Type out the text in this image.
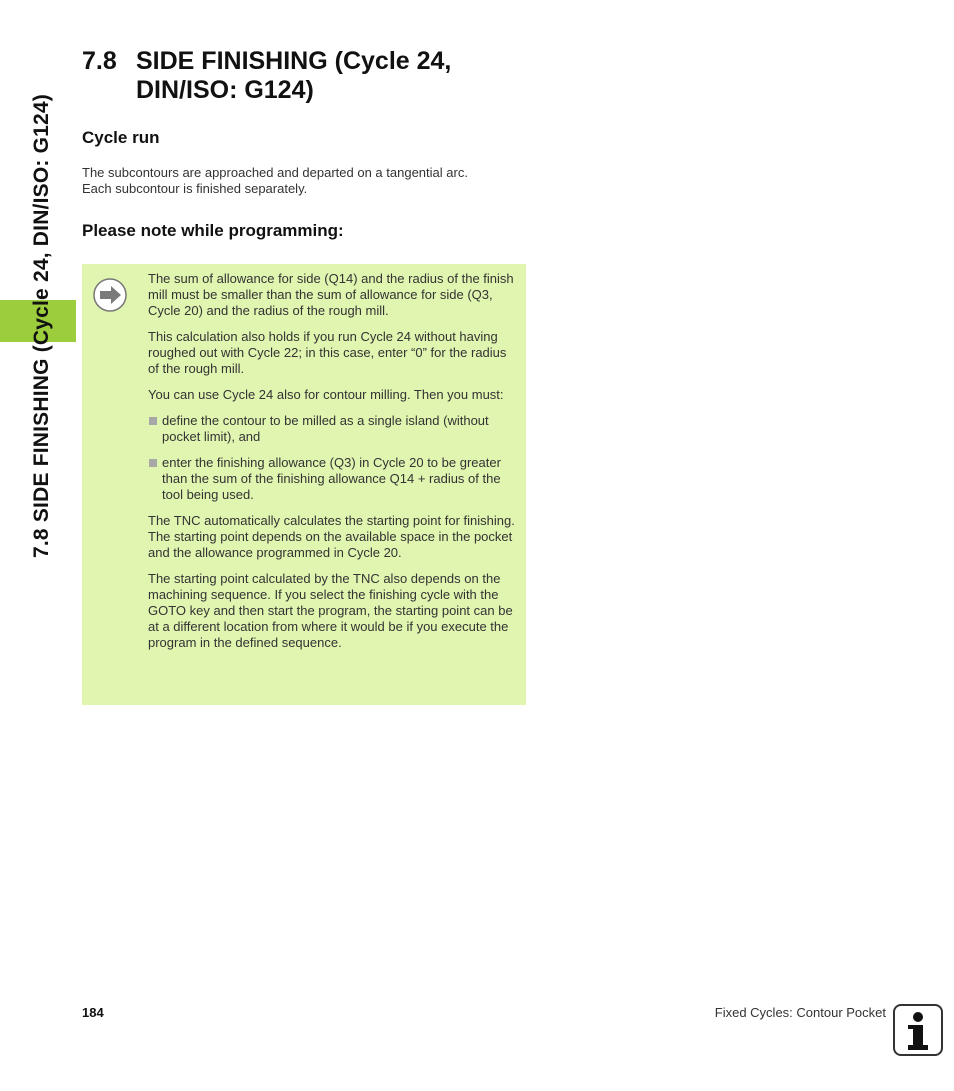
7.8 SIDE FINISHING (Cycle 24, DIN/ISO: G124)
7.8 SIDE FINISHING (Cycle 24,
DIN/ISO: G124)
Cycle run

The subcontours are approached and departed on a tangential arc.
Each subcontour is finished separately.

Please note while programming:

The sum of allowance for side (Q14) and the radius of the finish mill must be smaller than the sum of allowance for side (Q3, Cycle 20) and the radius of the rough mill.

This calculation also holds if you run Cycle 24 without having roughed out with Cycle 22; in this case, enter “0” for the radius of the rough mill.

You can use Cycle 24 also for contour milling. Then you must:

define the contour to be milled as a single island (without pocket limit), and
enter the finishing allowance (Q3) in Cycle 20 to be greater than the sum of the finishing allowance Q14 + radius of the tool being used.

The TNC automatically calculates the starting point for finishing. The starting point depends on the available space in the pocket and the allowance programmed in Cycle 20.

The starting point calculated by the TNC also depends on the machining sequence. If you select the finishing cycle with the GOTO key and then start the program, the starting point can be at a different location from where it would be if you execute the program in the defined sequence.

184	Fixed Cycles: Contour Pocket
